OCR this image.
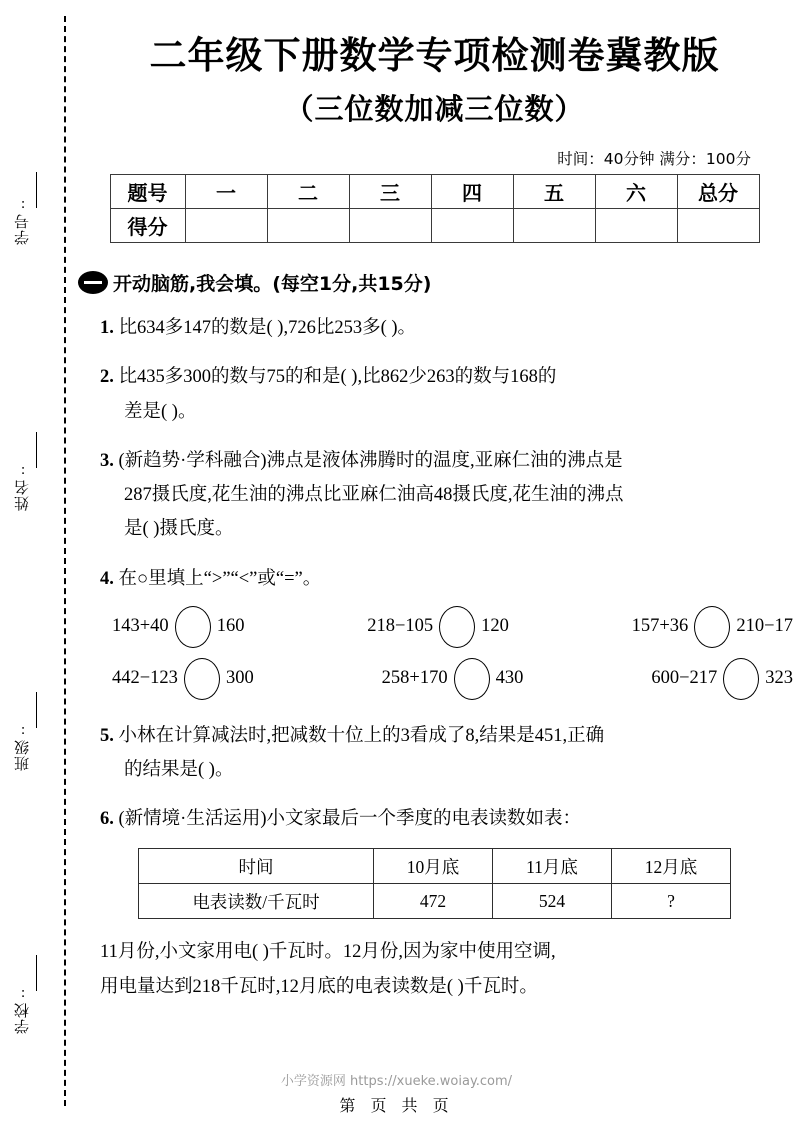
学号:
姓名:
班级:
学校:
二年级下册数学专项检测卷冀教版
（三位数加减三位数）
时间：40分钟 满分：100分
题号	一	二	三	四	五	六	总分
得分							
开动脑筋,我会填。(每空1分,共15分)
1. 比634多147的数是( ),726比253多( )。
2. 比435多300的数与75的和是( ),比862少263的数与168的
差是( )。
3. (新趋势·学科融合)沸点是液体沸腾时的温度,亚麻仁油的沸点是
287摄氏度,花生油的沸点比亚麻仁油高48摄氏度,花生油的沸点
是( )摄氏度。
4. 在○里填上“>”“<”或“=”。
143+40	160	218−105	120	157+36	210−17
442−123	300	258+170	430	600−217	323
5. 小林在计算减法时,把减数十位上的3看成了8,结果是451,正确
的结果是( )。
6. (新情境·生活运用)小文家最后一个季度的电表读数如表：
时间	10月底	11月底	12月底
电表读数/千瓦时	472	524	?
11月份,小文家用电( )千瓦时。12月份,因为家中使用空调,
用电量达到218千瓦时,12月底的电表读数是( )千瓦时。
小学资源网 https://xueke.woiay.com/
第 页 共 页
